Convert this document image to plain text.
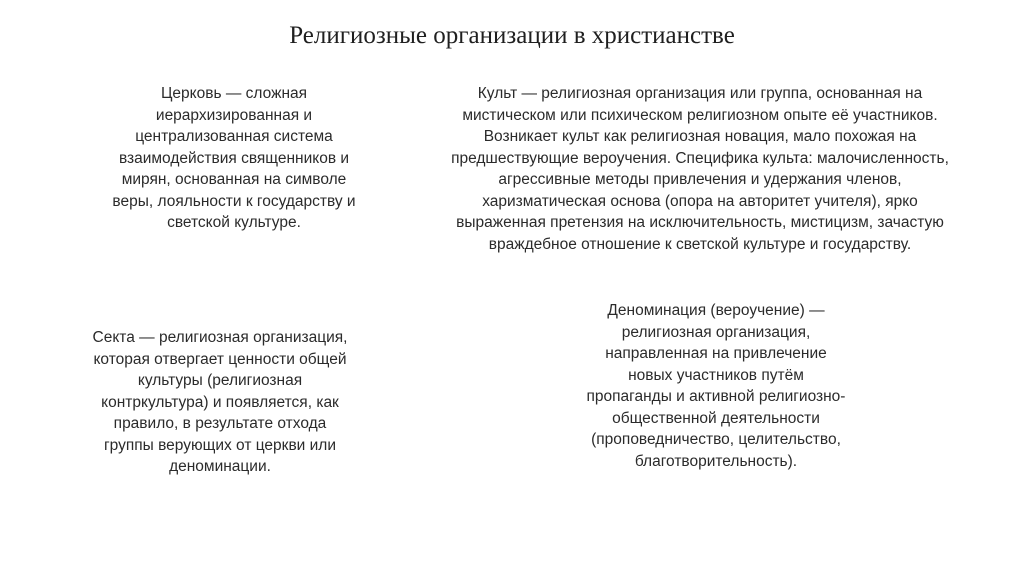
Религиозные организации в христианстве

Церковь — сложная
иерархизированная и
централизованная система
взаимодействия священников и
мирян, основанная на символе
веры, лояльности к государству и
светской культуре.

Культ — религиозная организация или группа, основанная на
мистическом или психическом религиозном опыте её участников.
Возникает культ как религиозная новация, мало похожая на
предшествующие вероучения. Специфика культа: малочисленность,
агрессивные методы привлечения и удержания членов,
харизматическая основа (опора на авторитет учителя), ярко
выраженная претензия на исключительность, мистицизм, зачастую
враждебное отношение к светской культуре и государству.

Секта — религиозная организация,
которая отвергает ценности общей
культуры (религиозная
контркультура) и появляется, как
правило, в результате отхода
группы верующих от церкви или
деноминации.

Деноминация (вероучение) —
религиозная организация,
направленная на привлечение
новых участников путём
пропаганды и активной религиозно-
общественной деятельности
(проповедничество, целительство,
благотворительность).
